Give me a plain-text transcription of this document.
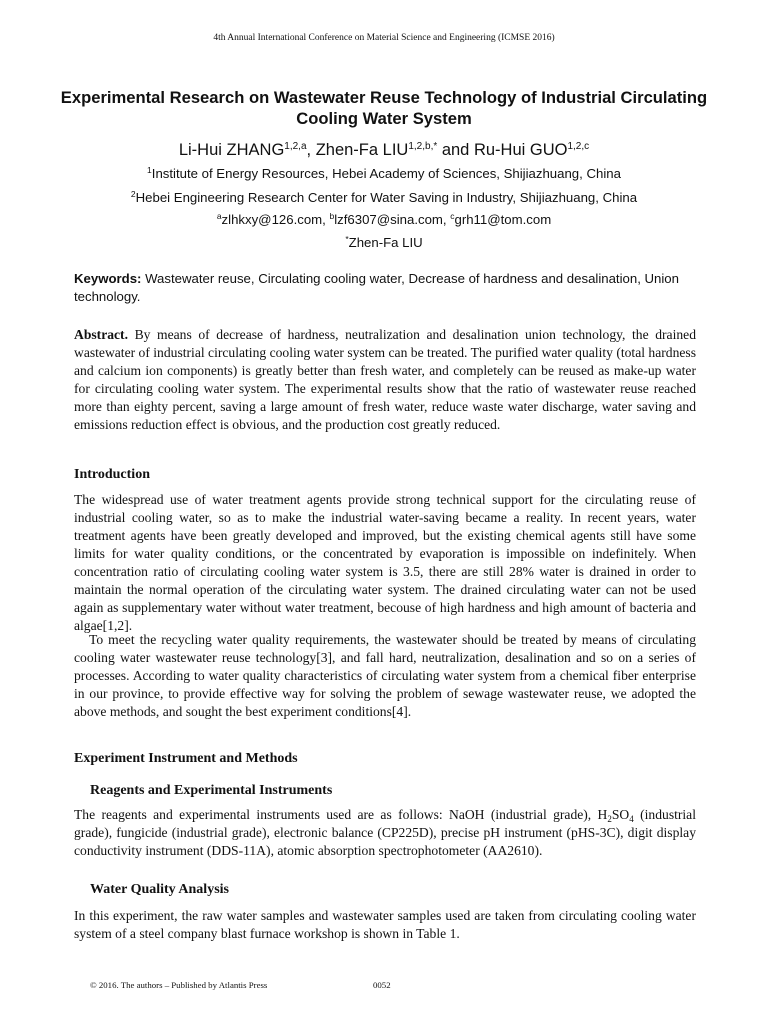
4th Annual International Conference on Material Science and Engineering (ICMSE 2016)
Experimental Research on Wastewater Reuse Technology of Industrial Circulating Cooling Water System
Li-Hui ZHANG$^{1,2,a}$, Zhen-Fa $LIU^{1,2,b,*}$ and Ru-Hui GUO$^{1,2,c}$
$^1$Institute of Energy Resources, Hebei Academy of Sciences, Shijiazhuang, China
$^2$Hebei Engineering Research Center for Water Saving in Industry, Shijiazhuang, China
$^a$zlhkxy@126.com, $^b$lzf6307@sina.com, $^c$grh11@tom.com
*Zhen-Fa LIU
Keywords: Wastewater reuse, Circulating cooling water, Decrease of hardness and desalination, Union technology.
Abstract. By means of decrease of hardness, neutralization and desalination union technology, the drained wastewater of industrial circulating cooling water system can be treated. The purified water quality (total hardness and calcium ion components) is greatly better than fresh water, and completely can be reused as make-up water for circulating cooling water system. The experimental results show that the ratio of wastewater reuse reached more than eighty percent, saving a large amount of fresh water, reduce waste water discharge, water saving and emissions reduction effect is obvious, and the production cost greatly reduced.
Introduction
The widespread use of water treatment agents provide strong technical support for the circulating reuse of industrial cooling water, so as to make the industrial water-saving became a reality. In recent years, water treatment agents have been greatly developed and improved, but the existing chemical agents still have some limits for water quality conditions, or the concentrated by evaporation is impossible on indefinitely. When concentration ratio of circulating cooling water system is 3.5, there are still 28% water is drained in order to maintain the normal operation of the circulating water system. The drained circulating water can not be used again as supplementary water without water treatment, becouse of high hardness and high amount of bacteria and algae[1,2].
To meet the recycling water quality requirements, the wastewater should be treated by means of circulating cooling water wastewater reuse technology[3], and fall hard, neutralization, desalination and so on a series of processes. According to water quality characteristics of circulating water system from a chemical fiber enterprise in our province, to provide effective way for solving the problem of sewage wastewater reuse, we adopted the above methods, and sought the best experiment conditions[4].
Experiment Instrument and Methods
Reagents and Experimental Instruments
The reagents and experimental instruments used are as follows: NaOH (industrial grade), $H_2SO_4$ (industrial grade), fungicide (industrial grade), electronic balance (CP225D), precise pH instrument (pHS-3C), digit display conductivity instrument (DDS-11A), atomic absorption spectrophotometer (AA2610).
Water Quality Analysis
In this experiment, the raw water samples and wastewater samples used are taken from circulating cooling water system of a steel company blast furnace workshop is shown in Table 1.
© 2016. The authors – Published by Atlantis Press	0052
